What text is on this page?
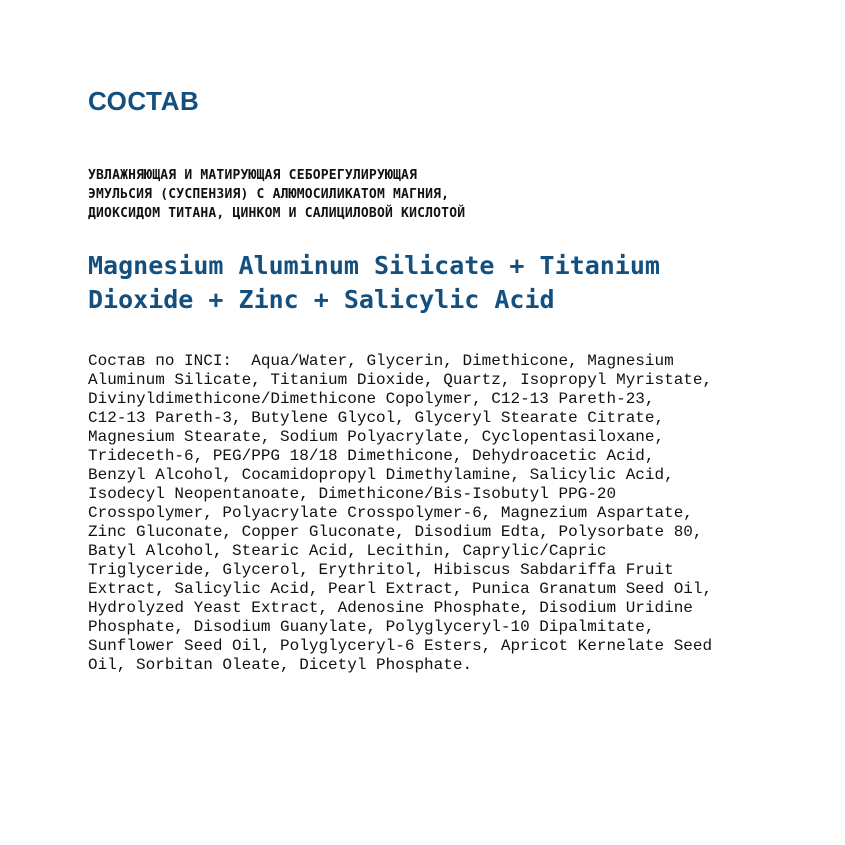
СОСТАВ
УВЛАЖНЯЮЩАЯ И МАТИРУЮЩАЯ СЕБОРЕГУЛИРУЮЩАЯ
ЭМУЛЬСИЯ (СУСПЕНЗИЯ) С АЛЮМОСИЛИКАТОМ МАГНИЯ,
ДИОКСИДОМ ТИТАНА, ЦИНКОМ И САЛИЦИЛОВОЙ КИСЛОТОЙ
Magnesium Aluminum Silicate + Titanium
Dioxide + Zinc + Salicylic Acid
Состав по INCI:  Aqua/Water, Glycerin, Dimethicone, Magnesium
Aluminum Silicate, Titanium Dioxide, Quartz, Isopropyl Myristate,
Divinyldimethicone/Dimethicone Copolymer, C12-13 Pareth-23,
C12-13 Pareth-3, Butylene Glycol, Glyceryl Stearate Citrate,
Magnesium Stearate, Sodium Polyacrylate, Cyclopentasiloxane,
Trideceth-6, PEG/PPG 18/18 Dimethicone, Dehydroacetic Acid,
Benzyl Alcohol, Cocamidopropyl Dimethylamine, Salicylic Acid,
Isodecyl Neopentanoate, Dimethicone/Bis-Isobutyl PPG-20
Crosspolymer, Polyacrylate Crosspolymer-6, Magnezium Aspartate,
Zinc Gluconate, Copper Gluconate, Disodium Edta, Polysorbate 80,
Batyl Alcohol, Stearic Acid, Lecithin, Caprylic/Capric
Triglyceride, Glycerol, Erythritol, Hibiscus Sabdariffa Fruit
Extract, Salicylic Acid, Pearl Extract, Punica Granatum Seed Oil,
Hydrolyzed Yeast Extract, Adenosine Phosphate, Disodium Uridine
Phosphate, Disodium Guanylate, Polyglyceryl-10 Dipalmitate,
Sunflower Seed Oil, Polyglyceryl-6 Esters, Apricot Kernelate Seed
Oil, Sorbitan Oleate, Dicetyl Phosphate.
